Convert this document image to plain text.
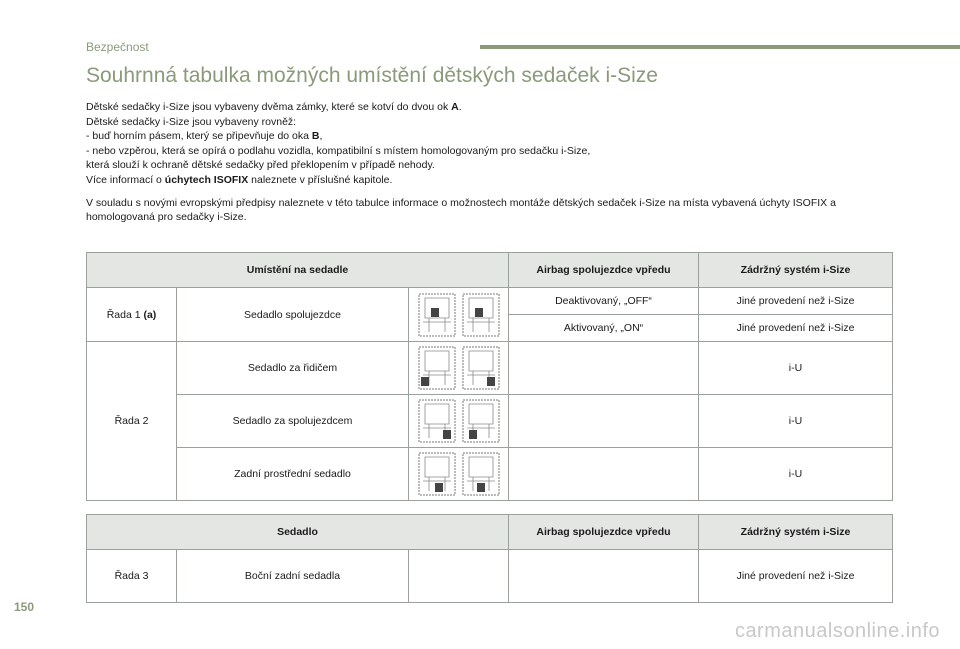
Bezpečnost
Souhrnná tabulka možných umístění dětských sedaček i-Size

Dětské sedačky i-Size jsou vybaveny dvěma zámky, které se kotví do dvou ok A.

Dětské sedačky i-Size jsou vybaveny rovněž:

- buď horním pásem, který se připevňuje do oka B,

- nebo vzpěrou, která se opírá o podlahu vozidla, kompatibilní s místem homologovaným pro sedačku i-Size,

která slouží k ochraně dětské sedačky před překlopením v případě nehody.

Více informací o úchytech ISOFIX naleznete v příslušné kapitole.

V souladu s novými evropskými předpisy naleznete v této tabulce informace o možnostech montáže dětských sedaček i-Size na místa vybavená úchyty ISOFIX a homologovaná pro sedačky i-Size.

Umístění na sedadle			Airbag spolujezdce vpředu	Zádržný systém i-Size
Řada 1 (a)	Sedadlo spolujezdce		Deaktivovaný, „OFF“	Jiné provedení než i-Size
			Aktivovaný, „ON“	Jiné provedení než i-Size
Řada 2	Sedadlo za řidičem			i-U
	Sedadlo za spolujezdcem			i-U
	Zadní prostřední sedadlo			i-U
Sedadlo			Airbag spolujezdce vpředu	Zádržný systém i-Size
Řada 3	Boční zadní sedadla			Jiné provedení než i-Size
150
carmanualsonline.info
